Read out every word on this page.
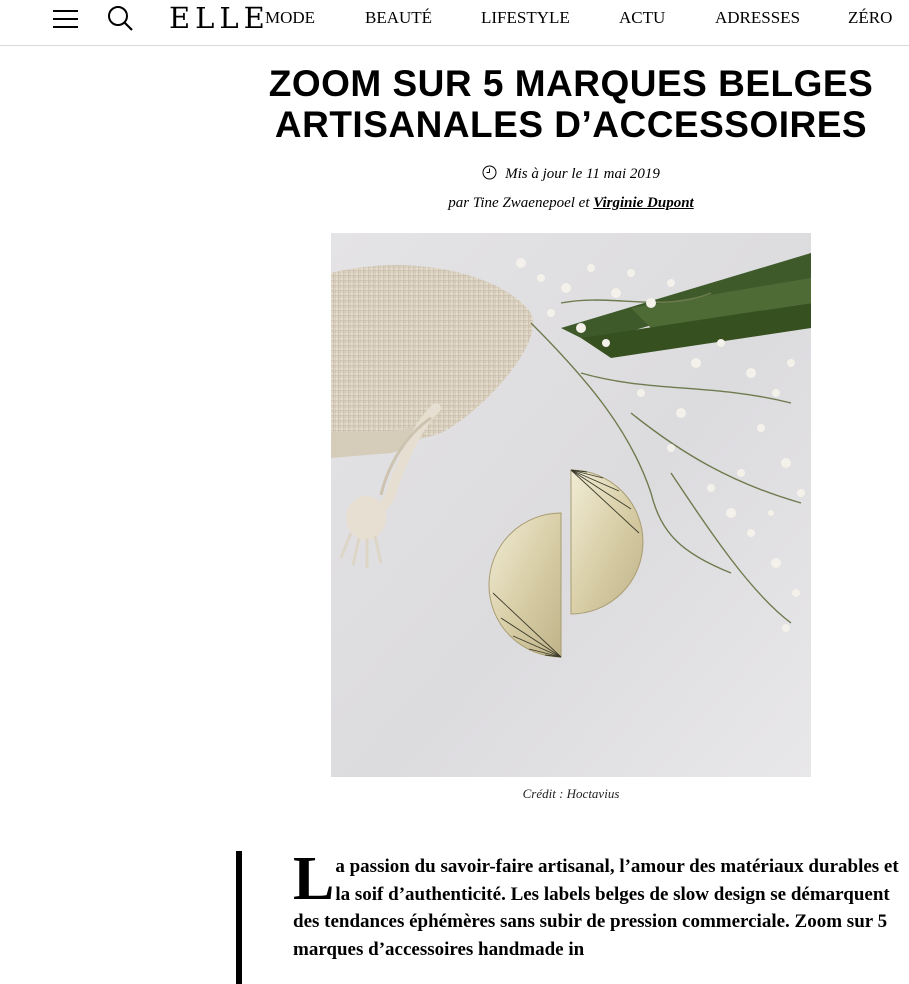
ELLE
MODE	BEAUTÉ	LIFESTYLE	ACTU	ADRESSES	ZÉRO
ZOOM SUR 5 MARQUES BELGES ARTISANALES D’ACCESSOIRES
Mis à jour le 11 mai 2019
par Tine Zwaenepoel et Virginie Dupont
Crédit : Hoctavius

La passion du savoir-faire artisanal, l’amour des matériaux durables et la soif d’authenticité. Les labels belges de slow design se démarquent des tendances éphémères sans subir de pression commerciale. Zoom sur 5 marques d’accessoires handmade in
